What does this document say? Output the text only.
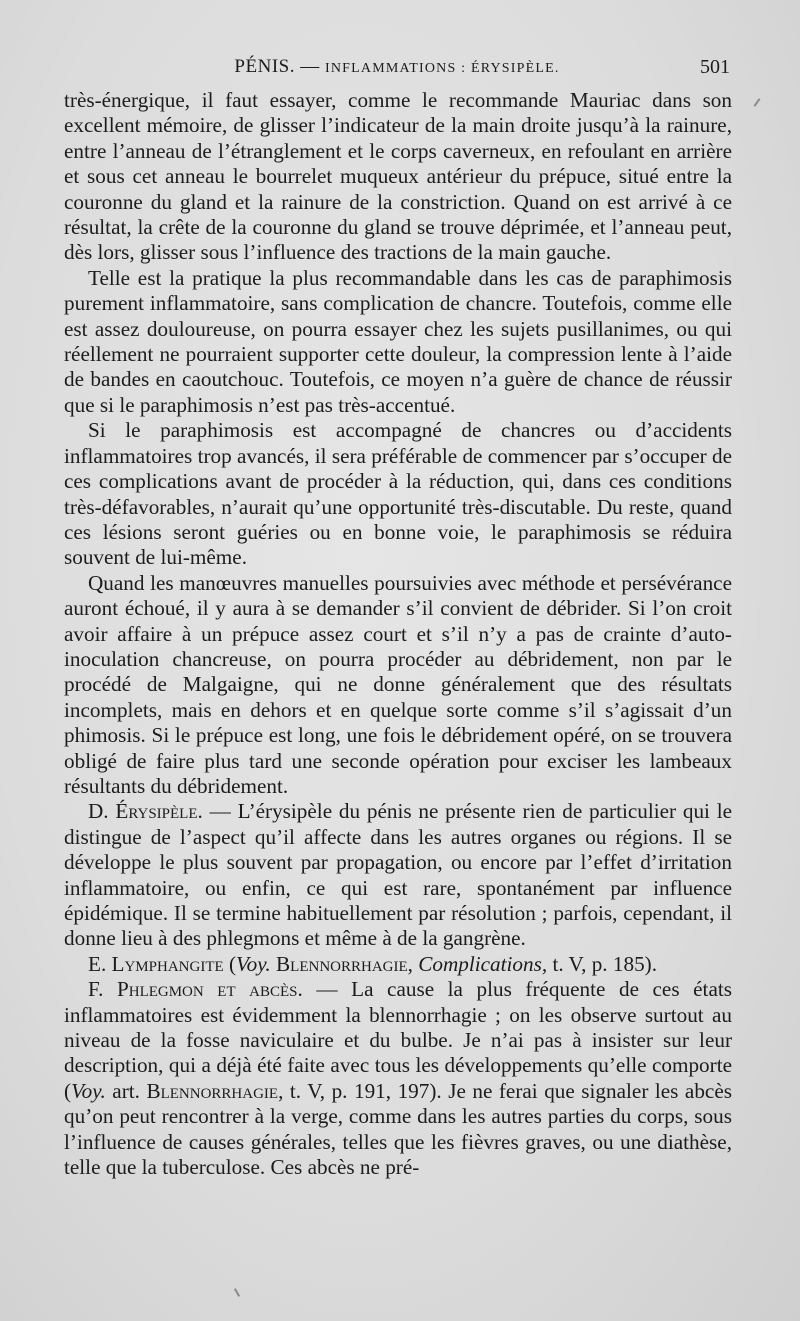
PÉNIS. — INFLAMMATIONS : ÉRYSIPÈLE.	501

très-énergique, il faut essayer, comme le recommande Mauriac dans son excellent mémoire, de glisser l’indicateur de la main droite jusqu’à la rainure, entre l’anneau de l’étranglement et le corps caverneux, en refoulant en arrière et sous cet anneau le bourrelet muqueux antérieur du prépuce, situé entre la couronne du gland et la rainure de la constriction. Quand on est arrivé à ce résultat, la crête de la couronne du gland se trouve déprimée, et l’anneau peut, dès lors, glisser sous l’influence des tractions de la main gauche.

Telle est la pratique la plus recommandable dans les cas de paraphimosis purement inflammatoire, sans complication de chancre. Toutefois, comme elle est assez douloureuse, on pourra essayer chez les sujets pusillanimes, ou qui réellement ne pourraient supporter cette douleur, la compression lente à l’aide de bandes en caoutchouc. Toutefois, ce moyen n’a guère de chance de réussir que si le paraphimosis n’est pas très-accentué.

Si le paraphimosis est accompagné de chancres ou d’accidents inflammatoires trop avancés, il sera préférable de commencer par s’occuper de ces complications avant de procéder à la réduction, qui, dans ces conditions très-défavorables, n’aurait qu’une opportunité très-discutable. Du reste, quand ces lésions seront guéries ou en bonne voie, le paraphimosis se réduira souvent de lui-même.

Quand les manœuvres manuelles poursuivies avec méthode et persévérance auront échoué, il y aura à se demander s’il convient de débrider. Si l’on croit avoir affaire à un prépuce assez court et s’il n’y a pas de crainte d’auto-inoculation chancreuse, on pourra procéder au débridement, non par le procédé de Malgaigne, qui ne donne généralement que des résultats incomplets, mais en dehors et en quelque sorte comme s’il s’agissait d’un phimosis. Si le prépuce est long, une fois le débridement opéré, on se trouvera obligé de faire plus tard une seconde opération pour exciser les lambeaux résultants du débridement.

D. Érysipèle. — L’érysipèle du pénis ne présente rien de particulier qui le distingue de l’aspect qu’il affecte dans les autres organes ou régions. Il se développe le plus souvent par propagation, ou encore par l’effet d’irritation inflammatoire, ou enfin, ce qui est rare, spontanément par influence épidémique. Il se termine habituellement par résolution ; parfois, cependant, il donne lieu à des phlegmons et même à de la gangrène.

E. Lymphangite (Voy. Blennorrhagie, Complications, t. V, p. 185).

F. Phlegmon et abcès. — La cause la plus fréquente de ces états inflammatoires est évidemment la blennorrhagie ; on les observe surtout au niveau de la fosse naviculaire et du bulbe. Je n’ai pas à insister sur leur description, qui a déjà été faite avec tous les développements qu’elle comporte (Voy. art. Blennorrhagie, t. V, p. 191, 197). Je ne ferai que signaler les abcès qu’on peut rencontrer à la verge, comme dans les autres parties du corps, sous l’influence de causes générales, telles que les fièvres graves, ou une diathèse, telle que la tuberculose. Ces abcès ne pré-
